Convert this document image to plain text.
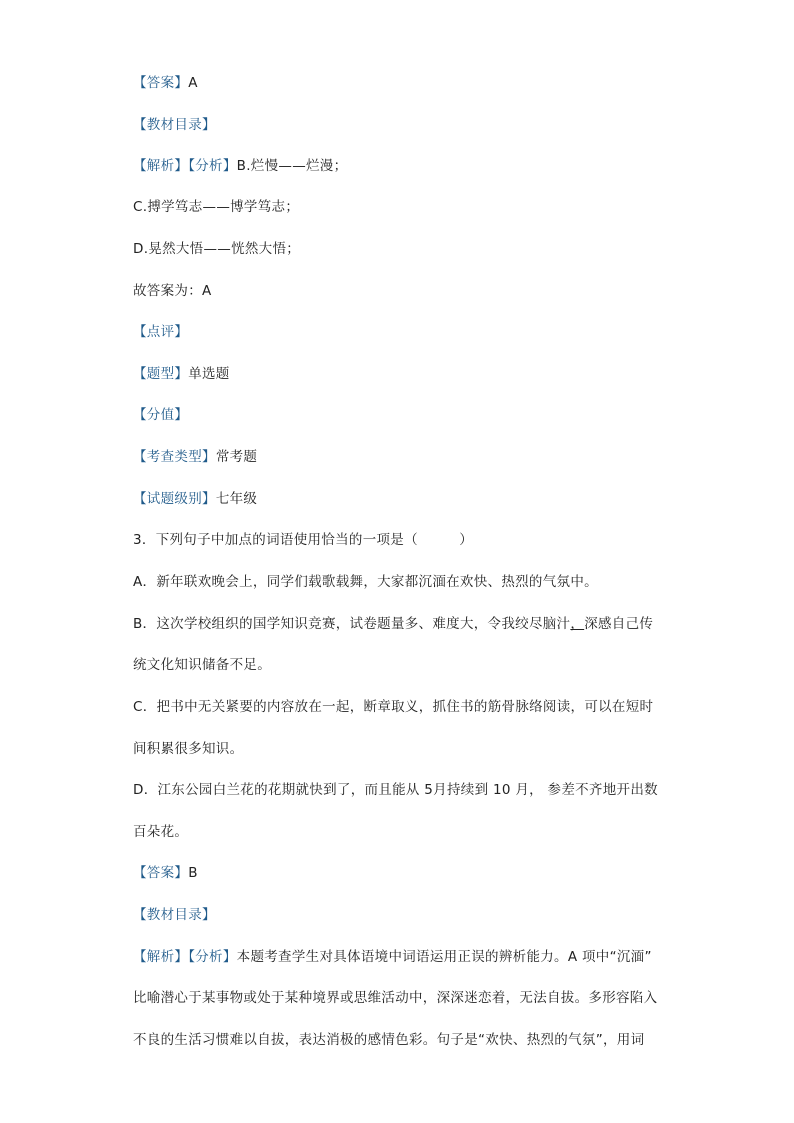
【答案】A
【教材目录】
【解析】【分析】B.烂慢——烂漫；
C.搏学笃志——博学笃志；
D.晃然大悟——恍然大悟；
故答案为：A
【点评】
【题型】单选题
【分值】
【考查类型】常考题
【试题级别】七年级
3．下列句子中加点的词语使用恰当的一项是（　　　）
A．新年联欢晚会上，同学们载歌载舞，大家都沉湎在欢快、热烈的气氛中。
B．这次学校组织的国学知识竞赛，试卷题量多、难度大，令我绞尽脑汁，深感自己传
统文化知识储备不足。
C．把书中无关紧要的内容放在一起，断章取义，抓住书的筋骨脉络阅读，可以在短时
间积累很多知识。
D．江东公园白兰花的花期就快到了，而且能从 5月持续到 10 月， 参差不齐地开出数
百朵花。
【答案】B
【教材目录】
【解析】【分析】本题考查学生对具体语境中词语运用正误的辨析能力。A 项中“沉湎”
比喻潜心于某事物或处于某种境界或思维活动中，深深迷恋着，无法自拔。多形容陷入
不良的生活习惯难以自拔，表达消极的感情色彩。句子是“欢快、热烈的气氛”，用词
